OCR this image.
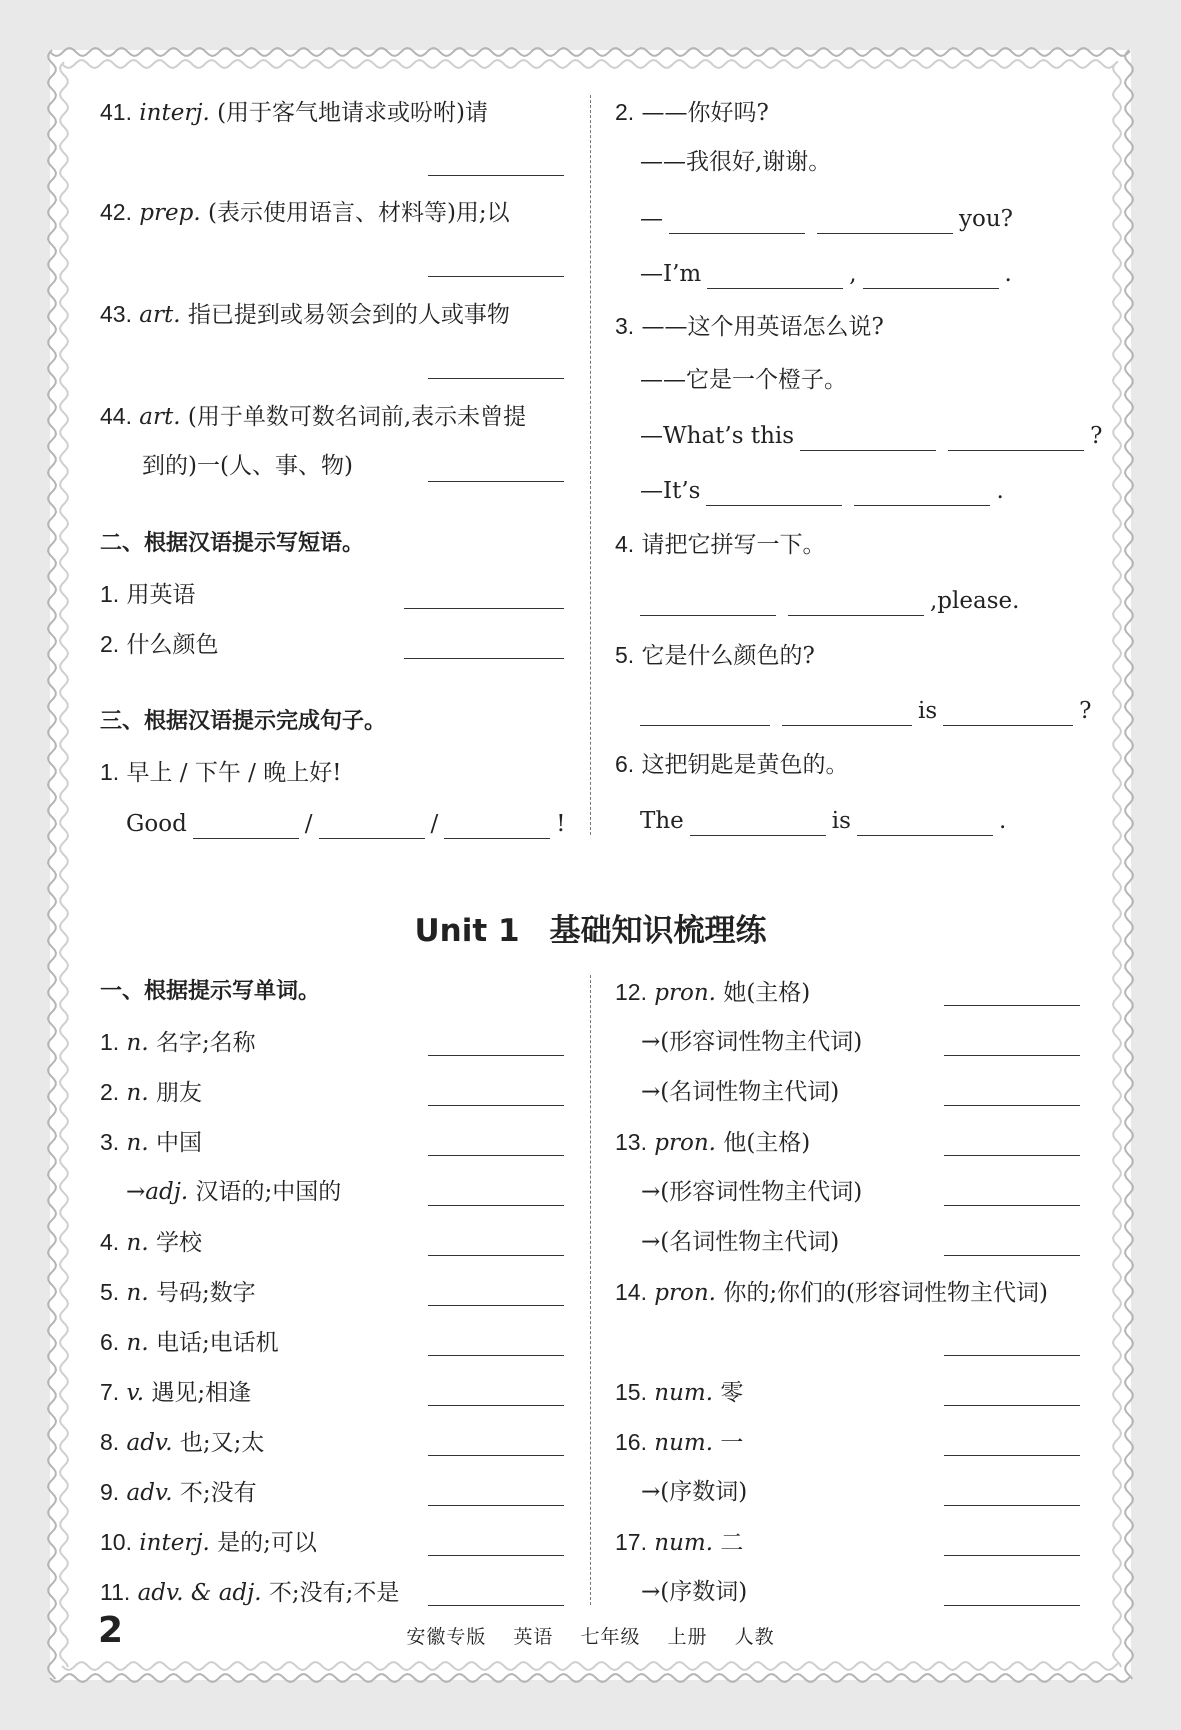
41. interj. (用于客气地请求或吩咐)请
42. prep. (表示使用语言、材料等)用;以
43. art. 指已提到或易领会到的人或事物
44. art. (用于单数可数名词前,表示未曾提
到的)一(人、事、物)
二、根据汉语提示写短语。
1. 用英语
2. 什么颜色
三、根据汉语提示完成句子。
1. 早上 / 下午 / 晚上好!
Good	/	/	!
2. ——你好吗?
——我很好,谢谢。
—	you?
—I’m	,	.
3. ——这个用英语怎么说?
——它是一个橙子。
—What’s this	?
—It’s	.
4. 请把它拼写一下。
,please.
5. 它是什么颜色的?
is	?
6. 这把钥匙是黄色的。
The	is	.
Unit 1 基础知识梳理练
一、根据提示写单词。
1. n. 名字;名称
2. n. 朋友
3. n. 中国
→adj. 汉语的;中国的
4. n. 学校
5. n. 号码;数字
6. n. 电话;电话机
7. v. 遇见;相逢
8. adv. 也;又;太
9. adv. 不;没有
10. interj. 是的;可以
11. adv. & adj. 不;没有;不是
12. pron. 她(主格)
→(形容词性物主代词)
→(名词性物主代词)
13. pron. 他(主格)
→(形容词性物主代词)
→(名词性物主代词)
14. pron. 你的;你们的(形容词性物主代词)
15. num. 零
16. num. 一
→(序数词)
17. num. 二
→(序数词)
2	安徽专版 英语 七年级 上册 人教
